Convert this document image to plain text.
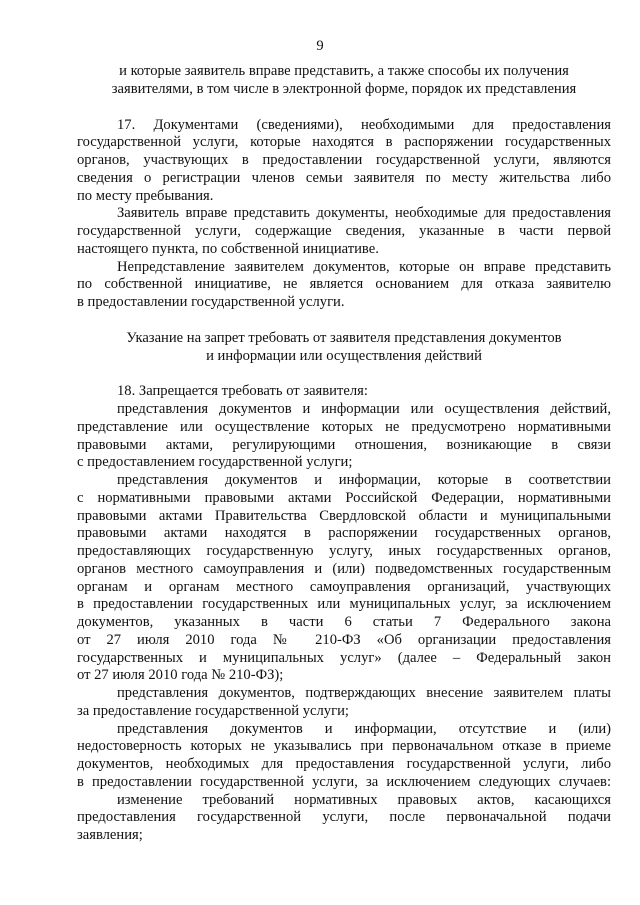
9
и которые заявитель вправе представить, а также способы их получения
заявителями, в том числе в электронной форме, порядок их представления
17. Документами (сведениями), необходимыми для предоставления
государственной услуги, которые находятся в распоряжении государственных
органов, участвующих в предоставлении государственной услуги, являются
сведения о регистрации членов семьи заявителя по месту жительства либо
по месту пребывания.
Заявитель вправе представить документы, необходимые для предоставления
государственной услуги, содержащие сведения, указанные в части первой
настоящего пункта, по собственной инициативе.
Непредставление заявителем документов, которые он вправе представить
по собственной инициативе, не является основанием для отказа заявителю
в предоставлении государственной услуги.
Указание на запрет требовать от заявителя представления документов
и информации или осуществления действий
18. Запрещается требовать от заявителя:
представления документов и информации или осуществления действий,
представление или осуществление которых не предусмотрено нормативными
правовыми актами, регулирующими отношения, возникающие в связи
с предоставлением государственной услуги;
представления документов и информации, которые в соответствии
с нормативными правовыми актами Российской Федерации, нормативными
правовыми актами Правительства Свердловской области и муниципальными
правовыми актами находятся в распоряжении государственных органов,
предоставляющих государственную услугу, иных государственных органов,
органов местного самоуправления и (или) подведомственных государственным
органам и органам местного самоуправления организаций, участвующих
в предоставлении государственных или муниципальных услуг, за исключением
документов, указанных в части 6 статьи 7 Федерального закона
от 27 июля 2010 года № 210-ФЗ «Об организации предоставления
государственных и муниципальных услуг» (далее – Федеральный закон
от 27 июля 2010 года № 210-ФЗ);
представления документов, подтверждающих внесение заявителем платы
за предоставление государственной услуги;
представления документов и информации, отсутствие и (или)
недостоверность которых не указывались при первоначальном отказе в приеме
документов, необходимых для предоставления государственной услуги, либо
в предоставлении государственной услуги, за исключением следующих случаев:
изменение требований нормативных правовых актов, касающихся
предоставления государственной услуги, после первоначальной подачи
заявления;
